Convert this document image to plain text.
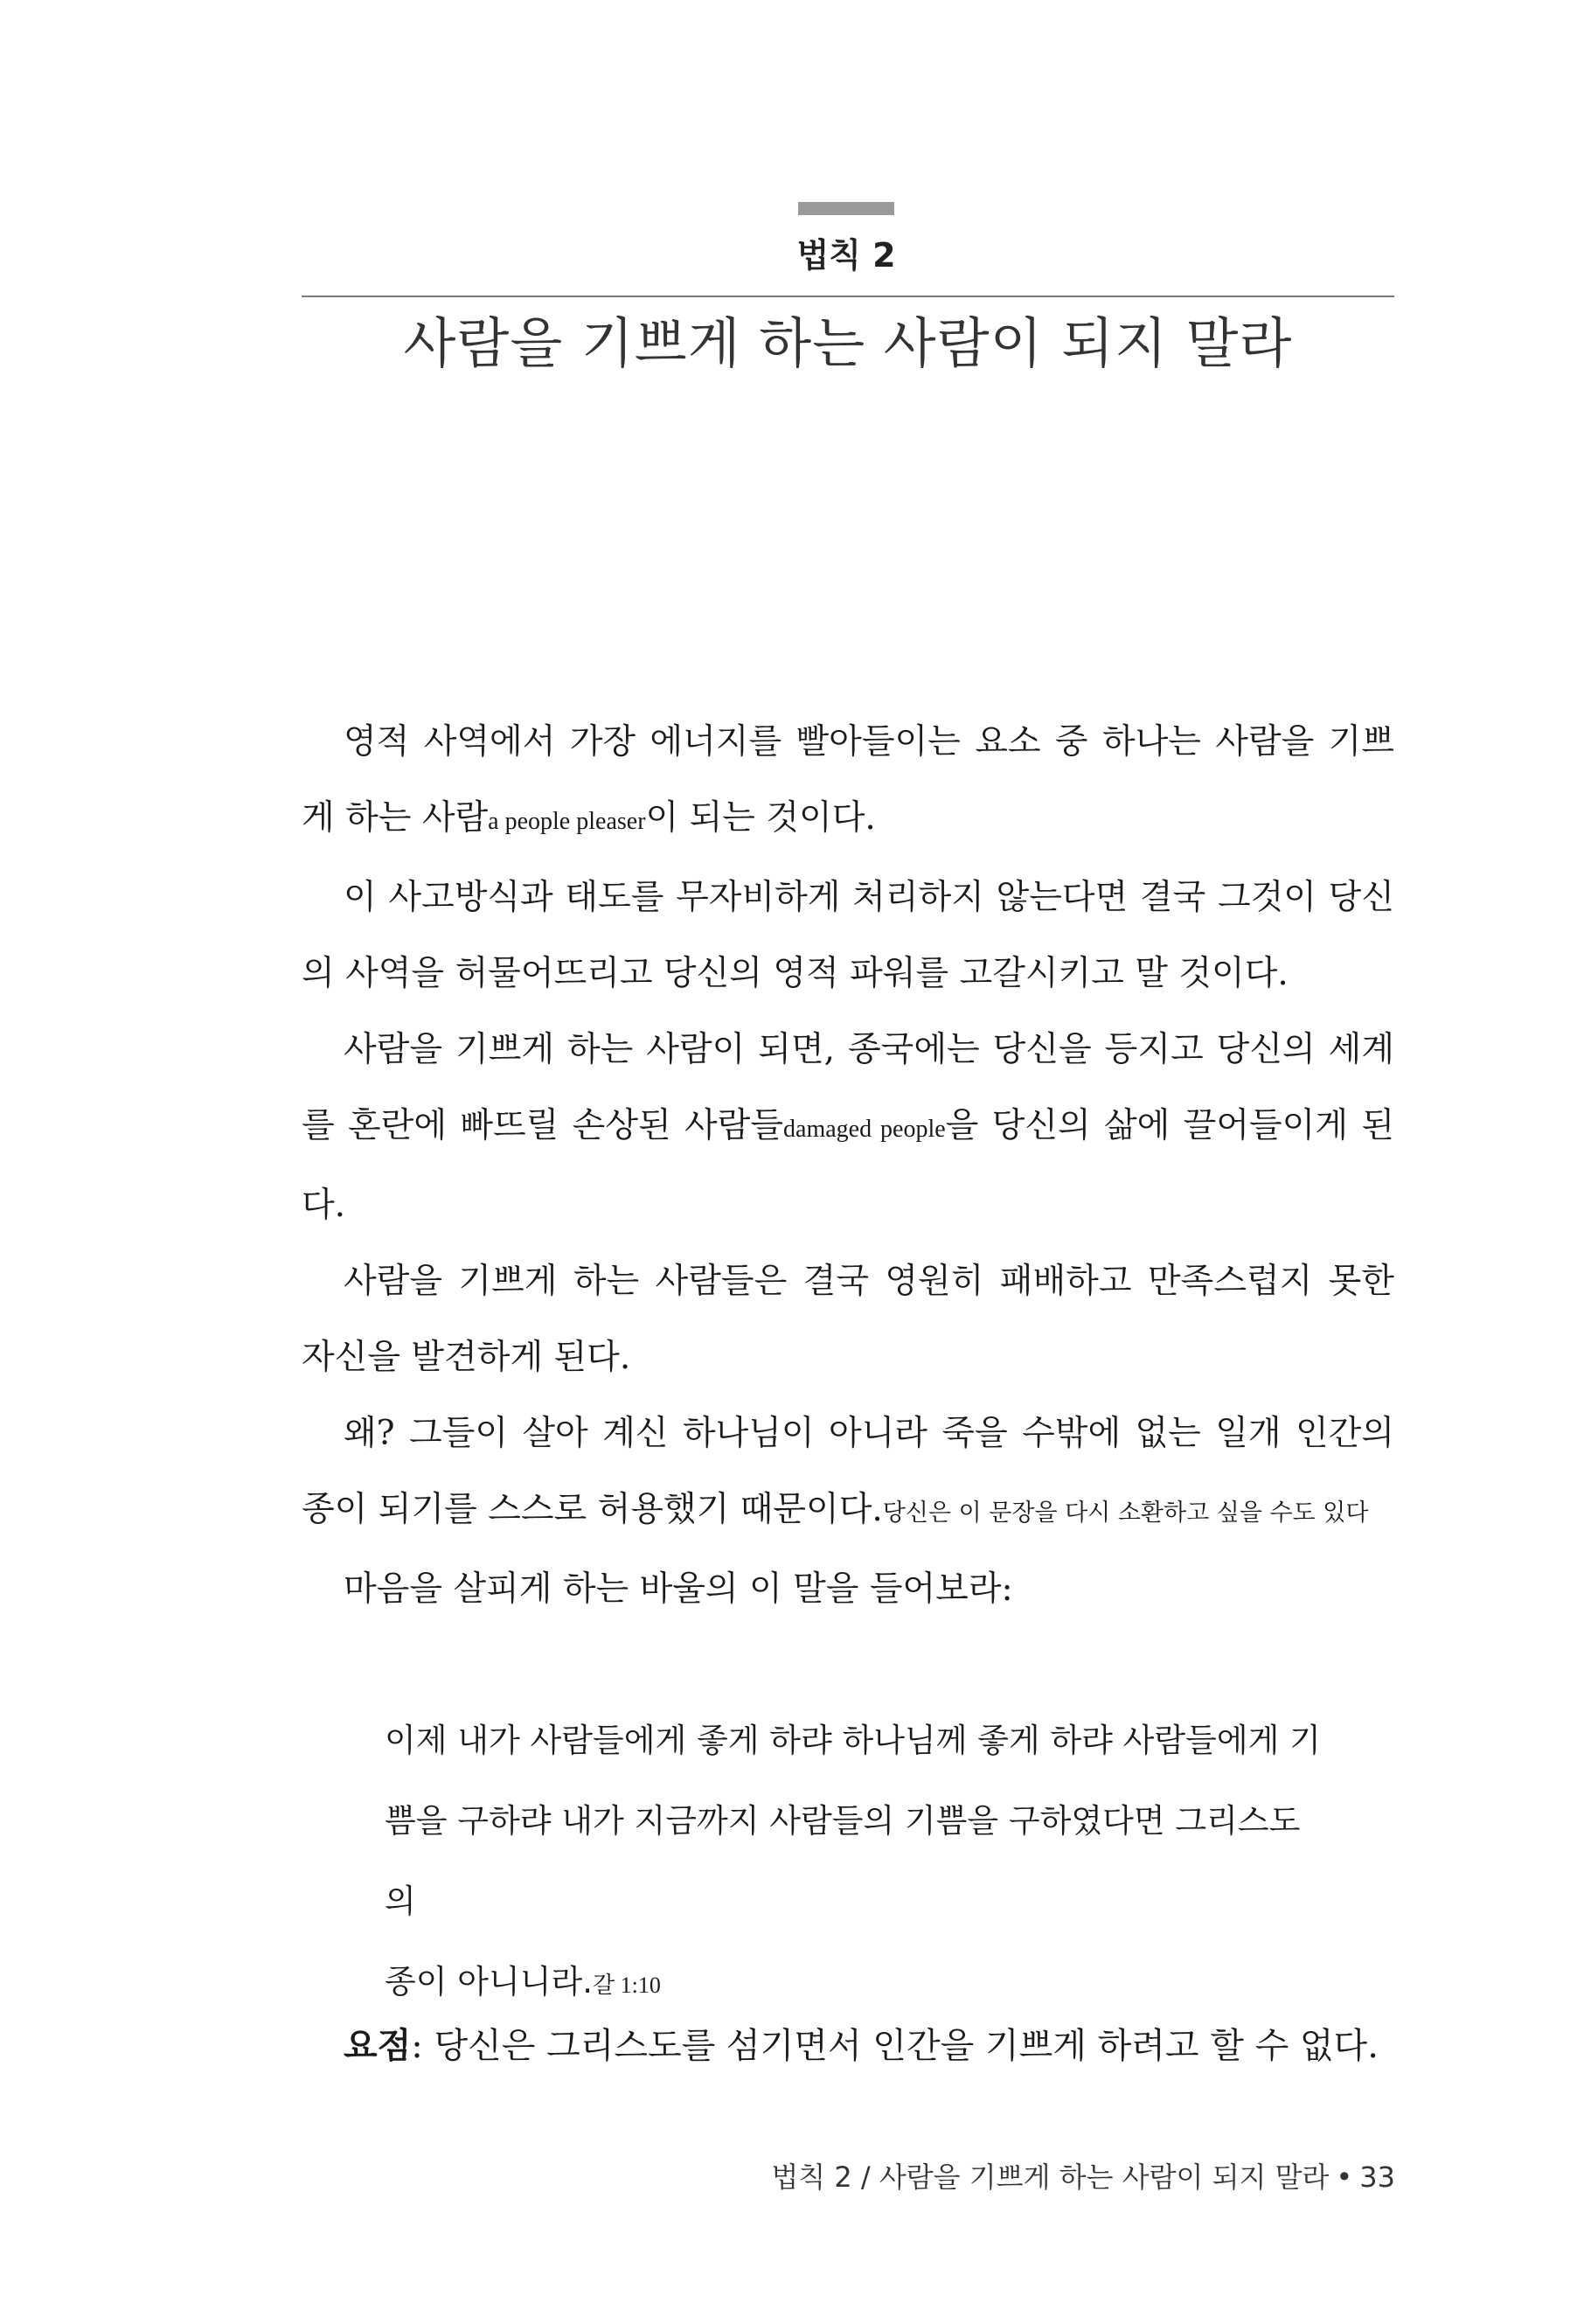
법칙 2
사람을 기쁘게 하는 사람이 되지 말라

영적 사역에서 가장 에너지를 빨아들이는 요소 중 하나는 사람을 기쁘게 하는 사람a people pleaser이 되는 것이다.

이 사고방식과 태도를 무자비하게 처리하지 않는다면 결국 그것이 당신의 사역을 허물어뜨리고 당신의 영적 파워를 고갈시키고 말 것이다.

사람을 기쁘게 하는 사람이 되면, 종국에는 당신을 등지고 당신의 세계를 혼란에 빠뜨릴 손상된 사람들damaged people을 당신의 삶에 끌어들이게 된다.

사람을 기쁘게 하는 사람들은 결국 영원히 패배하고 만족스럽지 못한 자신을 발견하게 된다.

왜? 그들이 살아 계신 하나님이 아니라 죽을 수밖에 없는 일개 인간의 종이 되기를 스스로 허용했기 때문이다.당신은 이 문장을 다시 소환하고 싶을 수도 있다

마음을 살피게 하는 바울의 이 말을 들어보라:

이제 내가 사람들에게 좋게 하랴 하나님께 좋게 하랴 사람들에게 기

쁨을 구하랴 내가 지금까지 사람들의 기쁨을 구하였다면 그리스도의

종이 아니니라.갈 1:10

요점: 당신은 그리스도를 섬기면서 인간을 기쁘게 하려고 할 수 없다.
법칙 2 / 사람을 기쁘게 하는 사람이 되지 말라 • 33
